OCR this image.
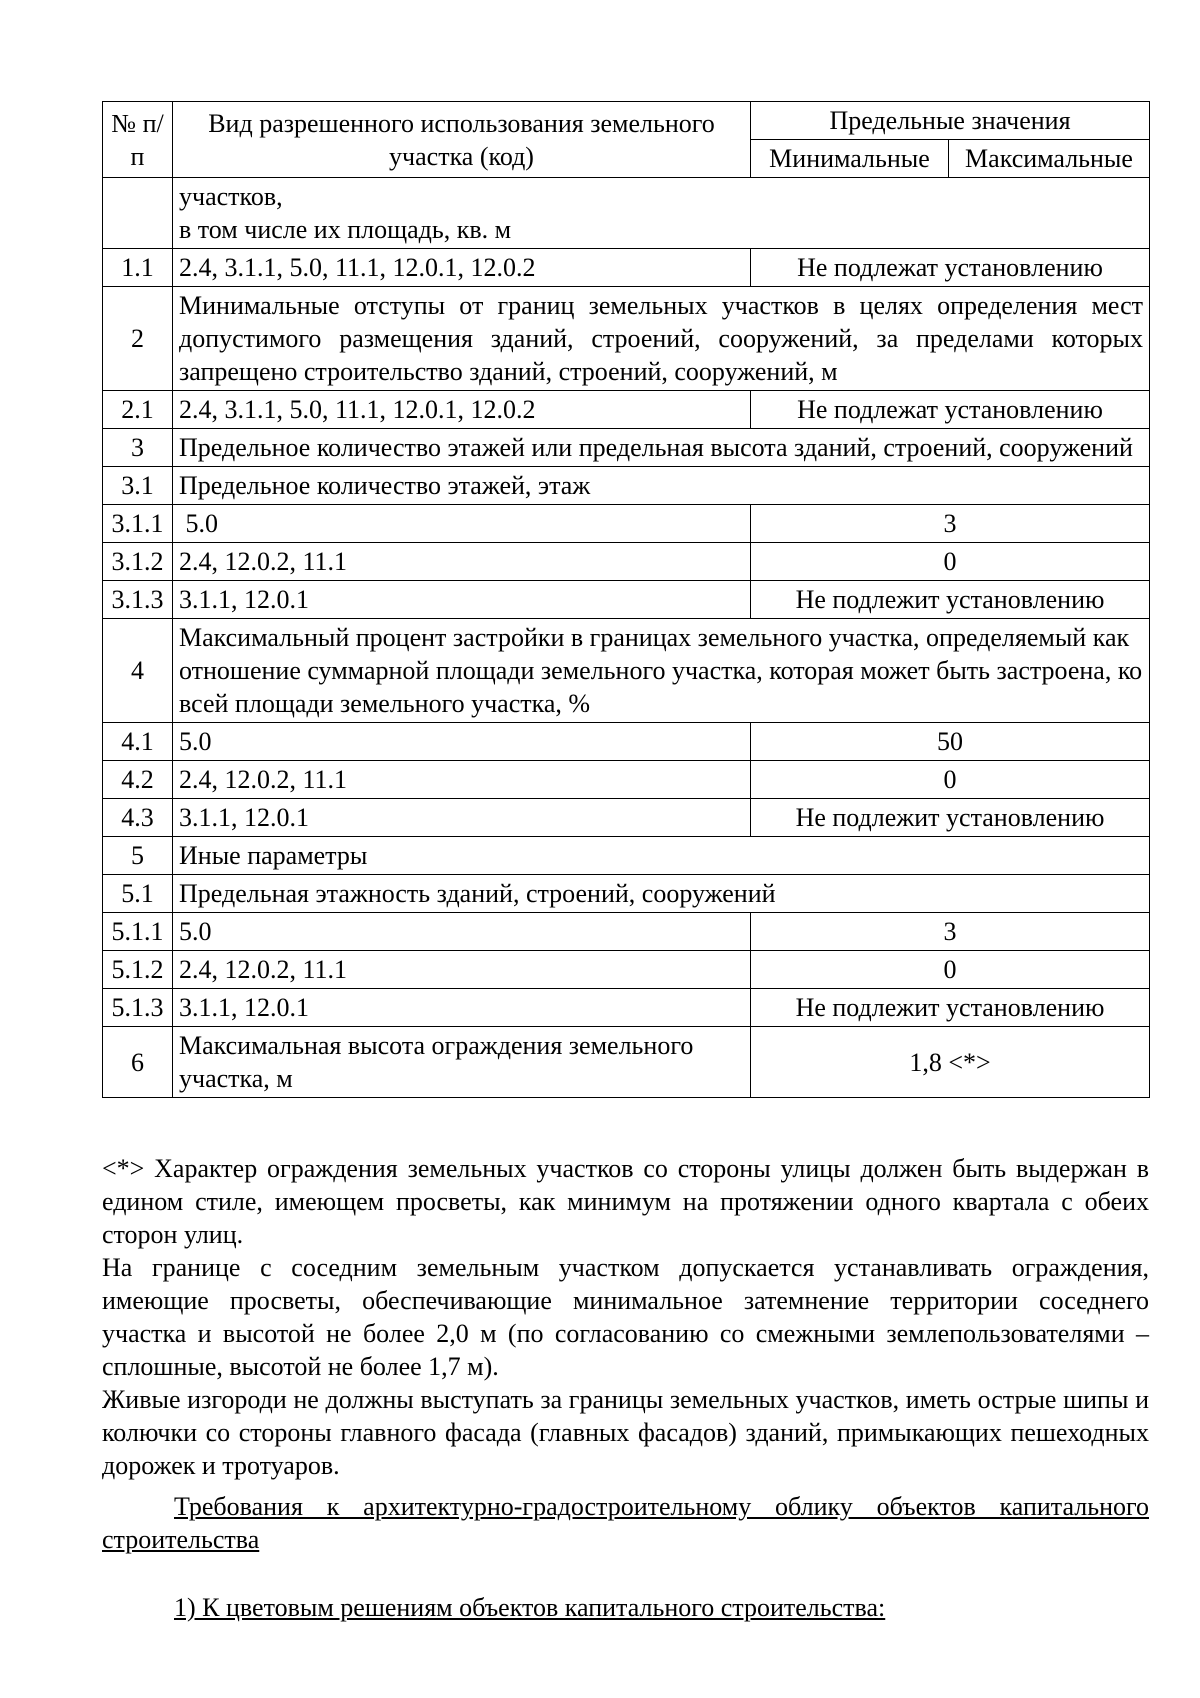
№ п/п	Вид разрешенного использования земельного участка (код)	Предельные значения	
		Минимальные	Максимальные
	участков,
в том числе их площадь, кв. м		
1.1	2.4, 3.1.1, 5.0, 11.1, 12.0.1, 12.0.2	Не подлежат установлению	
2	Минимальные отступы от границ земельных участков в целях определения мест допустимого размещения зданий, строений, сооружений, за пределами которых запрещено строительство зданий, строений, сооружений, м		
2.1	2.4, 3.1.1, 5.0, 11.1, 12.0.1, 12.0.2	Не подлежат установлению	
3	Предельное количество этажей или предельная высота зданий, строений, сооружений		
3.1	Предельное количество этажей, этаж		
3.1.1	5.0	3	
3.1.2	2.4, 12.0.2, 11.1	0	
3.1.3	3.1.1, 12.0.1	Не подлежит установлению	
4	Максимальный процент застройки в границах земельного участка, определяемый как отношение суммарной площади земельного участка, которая может быть застроена, ко всей площади земельного участка, %		
4.1	5.0	50	
4.2	2.4, 12.0.2, 11.1	0	
4.3	3.1.1, 12.0.1	Не подлежит установлению	
5	Иные параметры		
5.1	Предельная этажность зданий, строений, сооружений		
5.1.1	5.0	3	
5.1.2	2.4, 12.0.2, 11.1	0	
5.1.3	3.1.1, 12.0.1	Не подлежит установлению	
6	Максимальная высота ограждения земельного участка, м	1,8 <*>	

<*> Характер ограждения земельных участков со стороны улицы должен быть выдержан в едином стиле, имеющем просветы, как минимум на протяжении одного квартала с обеих сторон улиц.

На границе с соседним земельным участком допускается устанавливать ограждения, имеющие просветы, обеспечивающие минимальное затемнение территории соседнего участка и высотой не более 2,0 м (по согласованию со смежными землепользователями – сплошные, высотой не более 1,7 м).

Живые изгороди не должны выступать за границы земельных участков, иметь острые шипы и колючки со стороны главного фасада (главных фасадов) зданий, примыкающих пешеходных дорожек и тротуаров.

Требования к архитектурно-градостроительному облику объектов капитального строительства
1) К цветовым решениям объектов капитального строительства:
